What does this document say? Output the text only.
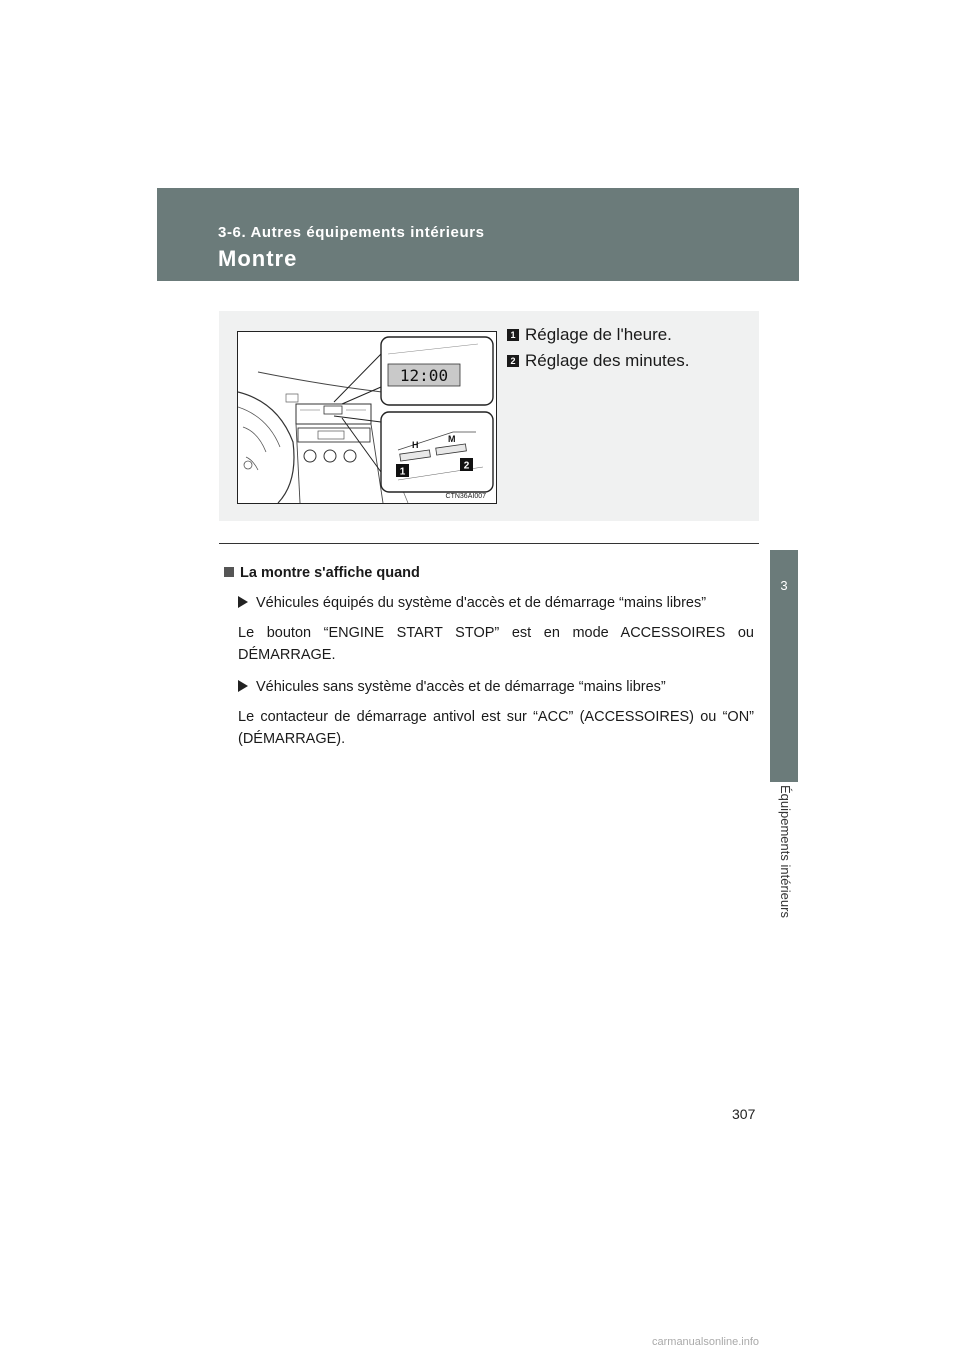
3-6. Autres équipements intérieurs
Montre
3
Équipements intérieurs
12:00
H
M
1
2
CTN36AI007
1 Réglage de l'heure.
2 Réglage des minutes.
La montre s'affiche quand
Véhicules équipés du système d'accès et de démarrage “mains libres”
Le bouton “ENGINE START STOP” est en mode ACCESSOIRES ou DÉMARRAGE.
Véhicules sans système d'accès et de démarrage “mains libres”
Le contacteur de démarrage antivol est sur “ACC” (ACCESSOIRES) ou “ON” (DÉMARRAGE).
307
carmanualsonline.info
